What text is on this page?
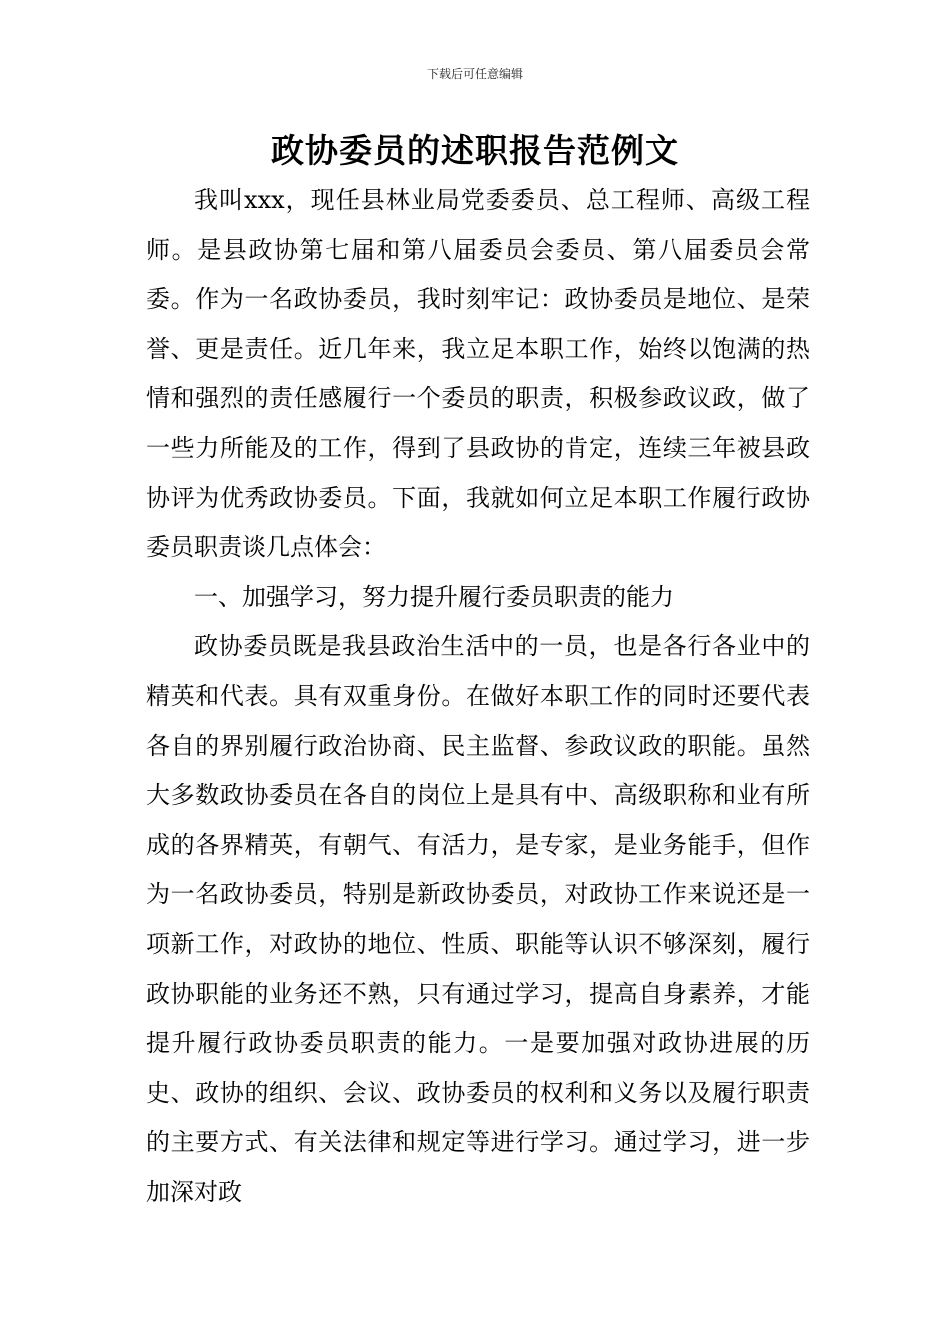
下载后可任意编辑
政协委员的述职报告范例文

我叫xxx，现任县林业局党委委员、总工程师、高级工程师。是县政协第七届和第八届委员会委员、第八届委员会常委。作为一名政协委员，我时刻牢记：政协委员是地位、是荣誉、更是责任。近几年来，我立足本职工作，始终以饱满的热情和强烈的责任感履行一个委员的职责，积极参政议政，做了一些力所能及的工作，得到了县政协的肯定，连续三年被县政协评为优秀政协委员。下面，我就如何立足本职工作履行政协委员职责谈几点体会：

一、加强学习，努力提升履行委员职责的能力

政协委员既是我县政治生活中的一员，也是各行各业中的精英和代表。具有双重身份。在做好本职工作的同时还要代表各自的界别履行政治协商、民主监督、参政议政的职能。虽然大多数政协委员在各自的岗位上是具有中、高级职称和业有所成的各界精英，有朝气、有活力，是专家，是业务能手，但作为一名政协委员，特别是新政协委员，对政协工作来说还是一项新工作，对政协的地位、性质、职能等认识不够深刻，履行政协职能的业务还不熟，只有通过学习，提高自身素养，才能提升履行政协委员职责的能力。一是要加强对政协进展的历史、政协的组织、会议、政协委员的权利和义务以及履行职责的主要方式、有关法律和规定等进行学习。通过学习，进一步加深对政
